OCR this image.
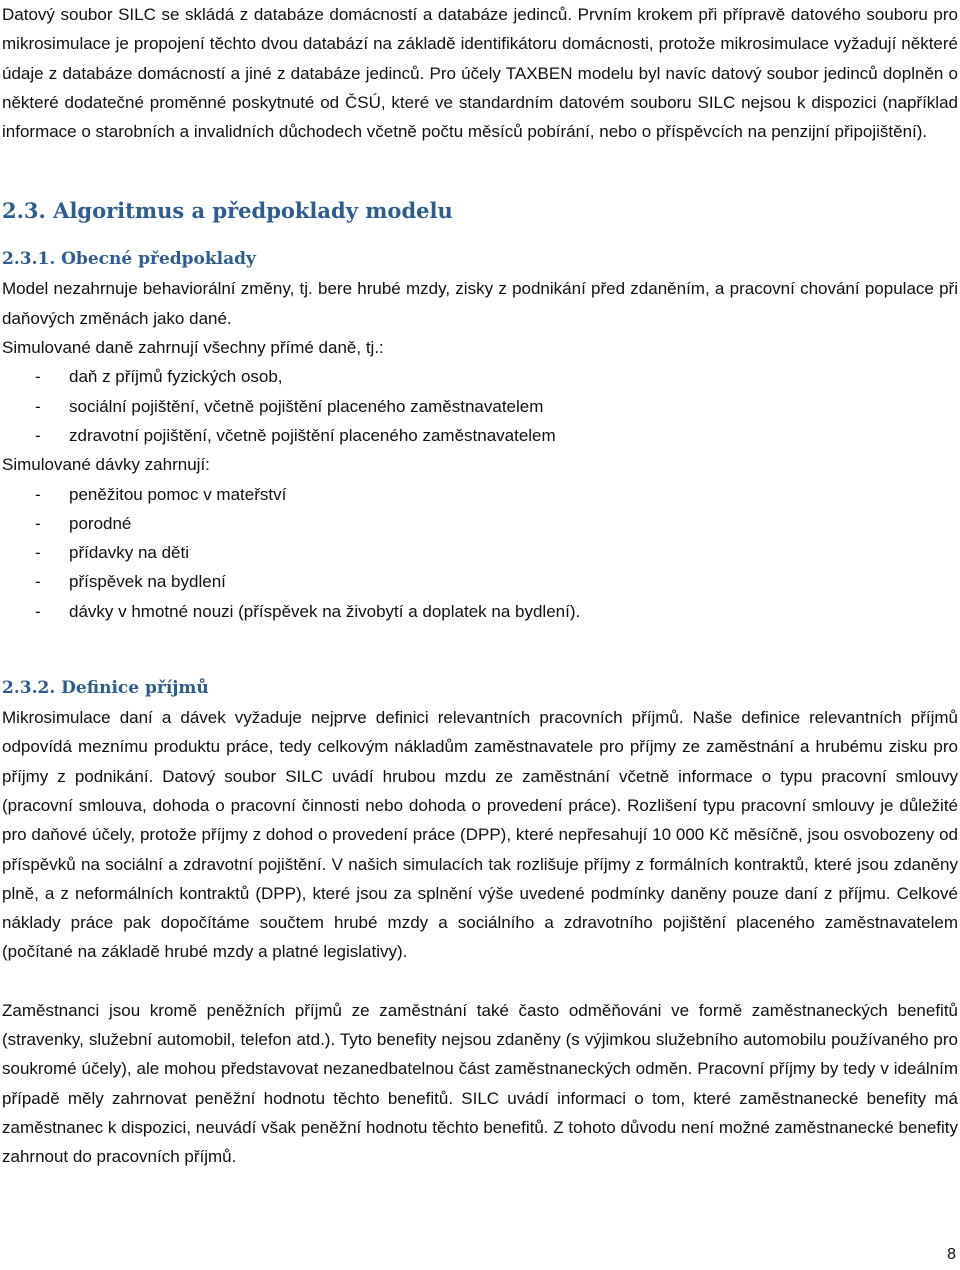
Datový soubor SILC se skládá z databáze domácností a databáze jedinců. Prvním krokem při přípravě datového souboru pro mikrosimulace je propojení těchto dvou databází na základě identifikátoru domácnosti, protože mikrosimulace vyžadují některé údaje z databáze domácností a jiné z databáze jedinců. Pro účely TAXBEN modelu byl navíc datový soubor jedinců doplněn o některé dodatečné proměnné poskytnuté od ČSÚ, které ve standardním datovém souboru SILC nejsou k dispozici (například informace o starobních a invalidních důchodech včetně počtu měsíců pobírání, nebo o příspěvcích na penzijní připojištění).

2.3. Algoritmus a předpoklady modelu
2.3.1. Obecné předpoklady

Model nezahrnuje behaviorální změny, tj. bere hrubé mzdy, zisky z podnikání před zdaněním, a pracovní chování populace při daňových změnách jako dané.

Simulované daně zahrnují všechny přímé daně, tj.:

- daň z příjmů fyzických osob,
- sociální pojištění, včetně pojištění placeného zaměstnavatelem
- zdravotní pojištění, včetně pojištění placeného zaměstnavatelem

Simulované dávky zahrnují:

- peněžitou pomoc v mateřství
- porodné
- přídavky na děti
- příspěvek na bydlení
- dávky v hmotné nouzi (příspěvek na živobytí a doplatek na bydlení).
2.3.2. Definice příjmů

Mikrosimulace daní a dávek vyžaduje nejprve definici relevantních pracovních příjmů. Naše definice relevantních příjmů odpovídá meznímu produktu práce, tedy celkovým nákladům zaměstnavatele pro příjmy ze zaměstnání a hrubému zisku pro příjmy z podnikání. Datový soubor SILC uvádí hrubou mzdu ze zaměstnání včetně informace o typu pracovní smlouvy (pracovní smlouva, dohoda o pracovní činnosti nebo dohoda o provedení práce). Rozlišení typu pracovní smlouvy je důležité pro daňové účely, protože příjmy z dohod o provedení práce (DPP), které nepřesahují 10 000 Kč měsíčně, jsou osvobozeny od příspěvků na sociální a zdravotní pojištění. V našich simulacích tak rozlišuje příjmy z formálních kontraktů, které jsou zdaněny plně, a z neformálních kontraktů (DPP), které jsou za splnění výše uvedené podmínky daněny pouze daní z příjmu. Celkové náklady práce pak dopočítáme součtem hrubé mzdy a sociálního a zdravotního pojištění placeného zaměstnavatelem (počítané na základě hrubé mzdy a platné legislativy).

Zaměstnanci jsou kromě peněžních příjmů ze zaměstnání také často odměňováni ve formě zaměstnaneckých benefitů (stravenky, služební automobil, telefon atd.). Tyto benefity nejsou zdaněny (s výjimkou služebního automobilu používaného pro soukromé účely), ale mohou představovat nezanedbatelnou část zaměstnaneckých odměn. Pracovní příjmy by tedy v ideálním případě měly zahrnovat peněžní hodnotu těchto benefitů. SILC uvádí informaci o tom, které zaměstnanecké benefity má zaměstnanec k dispozici, neuvádí však peněžní hodnotu těchto benefitů. Z tohoto důvodu není možné zaměstnanecké benefity zahrnout do pracovních příjmů.

8
